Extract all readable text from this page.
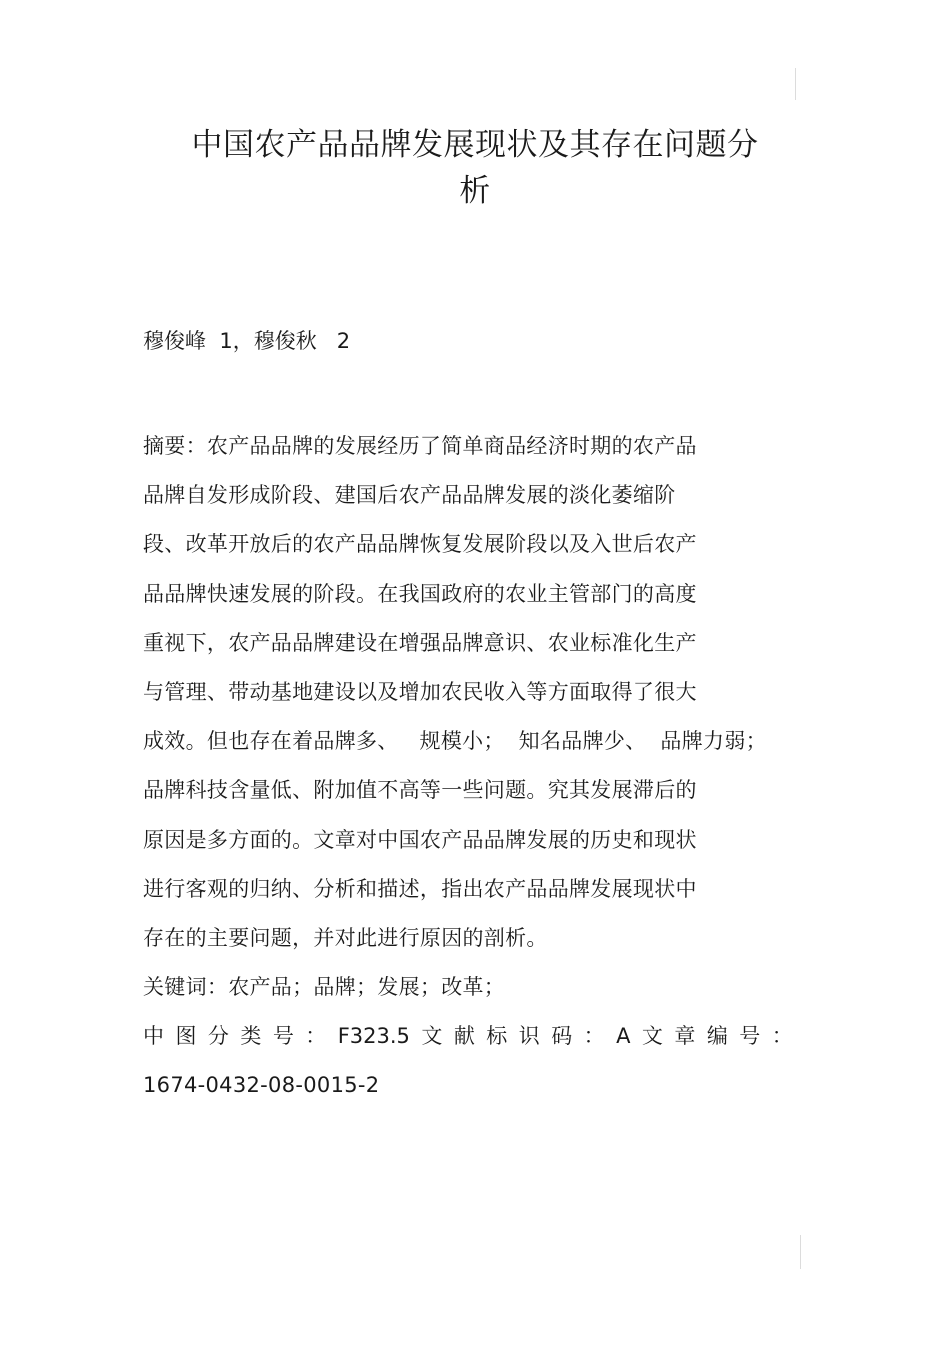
中国农产品品牌发展现状及其存在问题分
析
穆俊峰  1，穆俊秋   2
摘要：农产品品牌的发展经历了简单商品经济时期的农产品
品牌自发形成阶段、建国后农产品品牌发展的淡化萎缩阶
段、改革开放后的农产品品牌恢复发展阶段以及入世后农产
品品牌快速发展的阶段。在我国政府的农业主管部门的高度
重视下，农产品品牌建设在增强品牌意识、农业标准化生产
与管理、带动基地建设以及增加农民收入等方面取得了很大
成效。但也存在着品牌多、   规模小；  知名品牌少、  品牌力弱；
品牌科技含量低、附加值不高等一些问题。究其发展滞后的
原因是多方面的。文章对中国农产品品牌发展的历史和现状
进行客观的归纳、分析和描述，指出农产品品牌发展现状中
存在的主要问题，并对此进行原因的剖析。
关键词：农产品；品牌；发展；改革；
中 图 分 类 号 ： F323.5 文 献 标 识 码 ： A 文 章 编 号 ：
1674-0432-08-0015-2
